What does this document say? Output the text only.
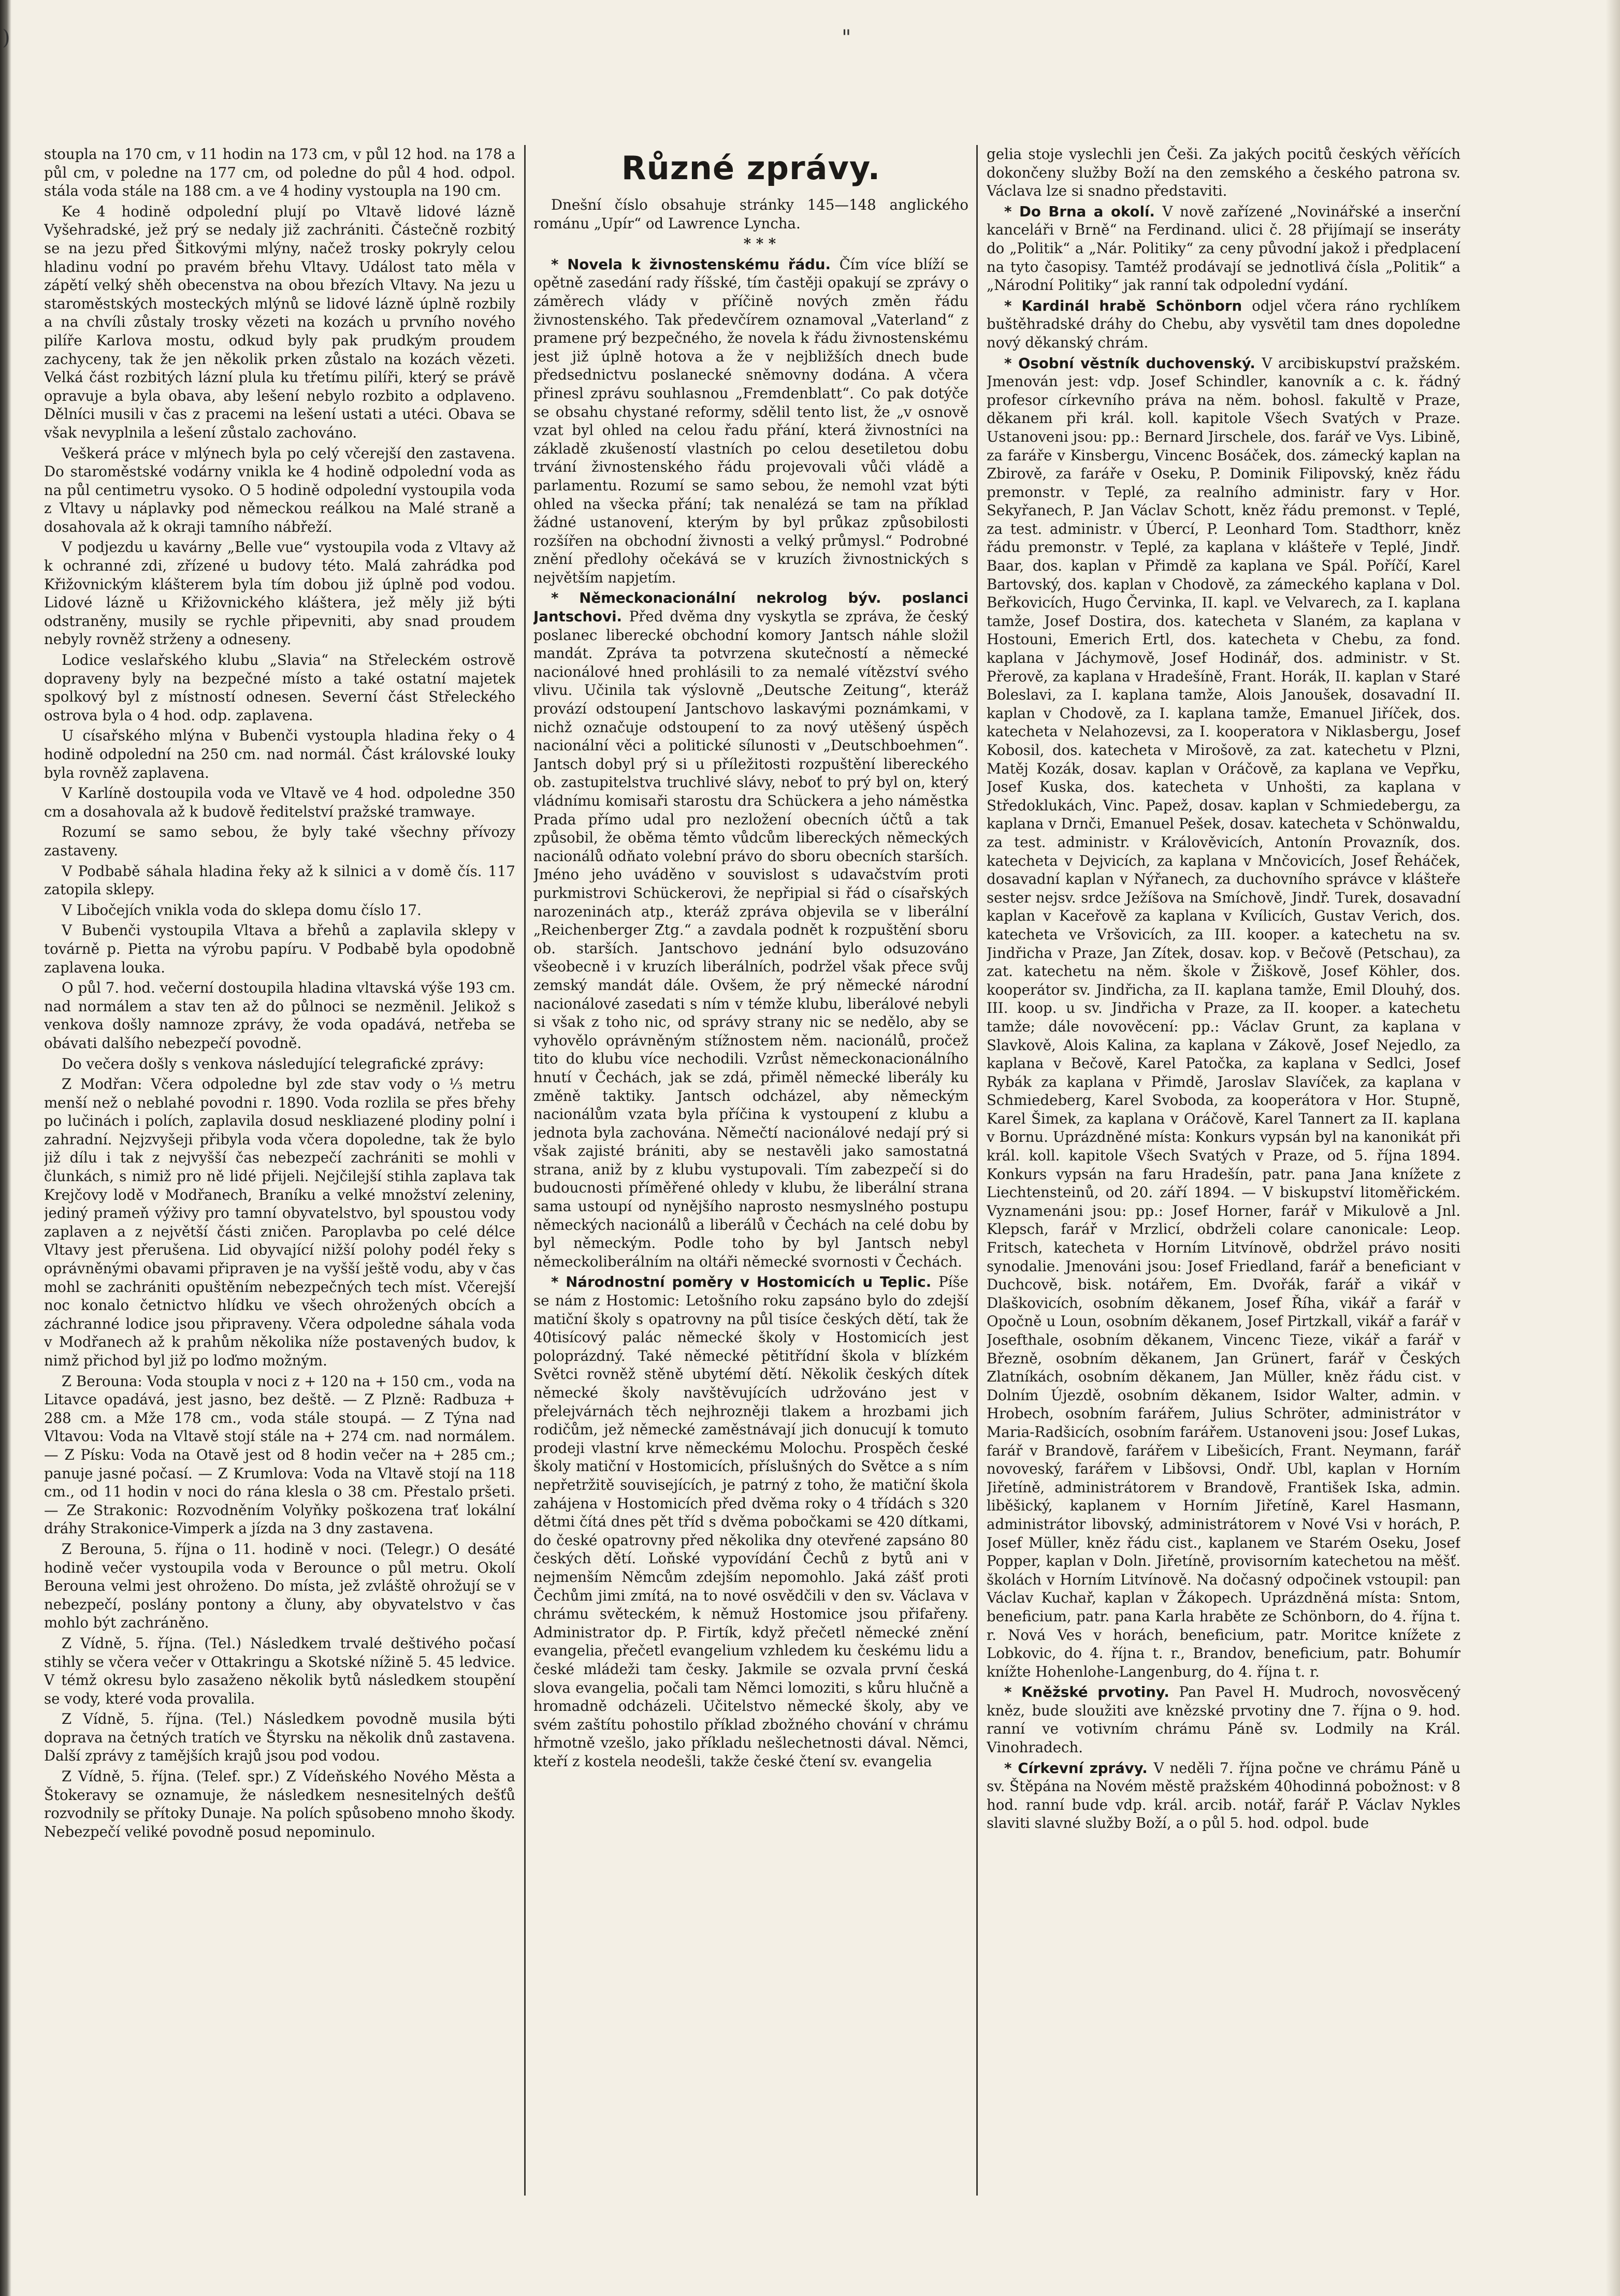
)	"

stoupla na 170 cm, v 11 hodin na 173 cm, v půl 12 hod. na 178 a půl cm, v poledne na 177 cm, od poledne do půl 4 hod. odpol. stála voda stále na 188 cm. a ve 4 hodiny vystoupla na 190 cm.

Ke 4 hodině odpolední plují po Vltavě lidové lázně Vyšehradské, jež prý se nedaly již zachrániti. Částečně rozbitý se na jezu před Šitkovými mlýny, načež trosky pokryly celou hladinu vodní po pravém břehu Vltavy. Událost tato měla v zápětí velký shěh obecenstva na obou březích Vltavy. Na jezu u staroměstských mosteckých mlýnů se lidové lázně úplně rozbily a na chvíli zůstaly trosky vězeti na kozách u prvního nového pilíře Karlova mostu, odkud byly pak prudkým proudem zachyceny, tak že jen několik prken zůstalo na kozách vězeti. Velká část rozbitých lázní plula ku třetímu pilíři, který se právě opravuje a byla obava, aby lešení nebylo rozbito a odplaveno. Dělníci musili v čas z pracemi na lešení ustati a utéci. Obava se však nevyplnila a lešení zůstalo zachováno.

Veškerá práce v mlýnech byla po celý včerejší den zastavena. Do staroměstské vodárny vnikla ke 4 hodině odpolední voda as na půl centimetru vysoko. O 5 hodině odpolední vystoupila voda z Vltavy u náplavky pod německou reálkou na Malé straně a dosahovala až k okraji tamního nábřeží.

V podjezdu u kavárny „Belle vue“ vystoupila voda z Vltavy až k ochranné zdi, zřízené u budovy této. Malá zahrádka pod Křižovnickým klášterem byla tím dobou již úplně pod vodou. Lidové lázně u Křižovnického kláštera, jež měly již býti odstraněny, musily se rychle připevniti, aby snad proudem nebyly rovněž strženy a odneseny.

Lodice veslařského klubu „Slavia“ na Střeleckém ostrově dopraveny byly na bezpečné místo a také ostatní majetek spolkový byl z místností odnesen. Severní část Střeleckého ostrova byla o 4 hod. odp. zaplavena.

U císařského mlýna v Bubenči vystoupla hladina řeky o 4 hodině odpolední na 250 cm. nad normál. Část královské louky byla rovněž zaplavena.

V Karlíně dostoupila voda ve Vltavě ve 4 hod. odpoledne 350 cm a dosahovala až k budově ředitelství pražské tramwaye.

Rozumí se samo sebou, že byly také všechny přívozy zastaveny.

V Podbabě sáhala hladina řeky až k silnici a v domě čís. 117 zatopila sklepy.

V Libočejích vnikla voda do sklepa domu číslo 17.

V Bubenči vystoupila Vltava a břehů a zaplavila sklepy v továrně p. Pietta na výrobu papíru. V Podbabě byla opodobně zaplavena louka.

O půl 7. hod. večerní dostoupila hladina vltavská výše 193 cm. nad normálem a stav ten až do půlnoci se nezměnil. Jelikož s venkova došly namnoze zprávy, že voda opadává, netřeba se obávati dalšího nebezpečí povodně.

Do večera došly s venkova následující telegrafické zprávy:

Z Modřan: Včera odpoledne byl zde stav vody o ⅓ metru menší než o neblahé povodni r. 1890. Voda rozlila se přes břehy po lučinách i polích, zaplavila dosud neskliazené plodiny polní i zahradní. Nejzvyšeji přibyla voda včera dopoledne, tak že bylo již dílu i tak z nejvyšší čas nebezpečí zachrániti se mohli v člunkách, s nimiž pro ně lidé přijeli. Nejčilejší stihla zaplava tak Krejčovy lodě v Modřanech, Braníku a velké množství zeleniny, jediný prameň výživy pro tamní obyvatelstvo, byl spoustou vody zaplaven a z největší části zničen. Paroplavba po celé délce Vltavy jest přerušena. Lid obyvající nižší polohy podél řeky s oprávněnými obavami připraven je na vyšší ještě vodu, aby v čas mohl se zachrániti opuštěním nebezpečných tech míst. Včerejší noc konalo četnictvo hlídku ve všech ohrožených obcích a záchranné lodice jsou připraveny. Včera odpoledne sáhala voda v Modřanech až k prahům několika níže postavených budov, k nimž přichod byl již po loďmo možným.

Z Berouna: Voda stoupla v noci z + 120 na + 150 cm., voda na Litavce opadává, jest jasno, bez deště. — Z Plzně: Radbuza + 288 cm. a Mže 178 cm., voda stále stoupá. — Z Týna nad Vltavou: Voda na Vltavě stojí stále na + 274 cm. nad normálem. — Z Písku: Voda na Otavě jest od 8 hodin večer na + 285 cm.; panuje jasné počasí. — Z Krumlova: Voda na Vltavě stojí na 118 cm., od 11 hodin v noci do rána klesla o 38 cm. Přestalo pršeti. — Ze Strakonic: Rozvodněním Volyňky poškozena trať lokální dráhy Strakonice-Vimperk a jízda na 3 dny zastavena.

Z Berouna, 5. října o 11. hodině v noci. (Telegr.) O desáté hodině večer vystoupila voda v Berounce o půl metru. Okolí Berouna velmi jest ohroženo. Do místa, jež zvláště ohrožují se v nebezpečí, poslány pontony a čluny, aby obyvatelstvo v čas mohlo být zachráněno.

Z Vídně, 5. října. (Tel.) Následkem trvalé deštivého počasí stihly se včera večer v Ottakringu a Skotské nížině 5. 45 ledvice. V témž okresu bylo zasaženo několik bytů následkem stoupění se vody, které voda provalila.

Z Vídně, 5. října. (Tel.) Následkem povodně musila býti doprava na četných tratích ve Štyrsku na několik dnů zastavena. Další zprávy z tamějších krajů jsou pod vodou.

Z Vídně, 5. října. (Telef. spr.) Z Vídeňského Nového Města a Štokeravy se oznamuje, že následkem nesnesitelných dešťů rozvodnily se přítoky Dunaje. Na polích spůsobeno mnoho škody. Nebezpečí veliké povodně posud nepominulo.

Různé zprávy.

Dnešní číslo obsahuje stránky 145—148 anglického románu „Upír“ od Lawrence Lyncha.

* * *

* Novela k živnostenskému řádu. Čím více blíží se opětně zasedání rady říšské, tím častěji opakují se zprávy o záměrech vlády v příčině nových změn řádu živnostenského. Tak předevčírem oznamoval „Vaterland“ z pramene prý bezpečného, že novela k řádu živnostenskému jest již úplně hotova a že v nejbližších dnech bude předsednictvu poslanecké sněmovny dodána. A včera přinesl zprávu souhlasnou „Fremdenblatt“. Co pak dotýče se obsahu chystané reformy, sdělil tento list, že „v osnově vzat byl ohled na celou řadu přání, která živnostníci na základě zkušeností vlastních po celou desetiletou dobu trvání živnostenského řádu projevovali vůči vládě a parlamentu. Rozumí se samo sebou, že nemohl vzat býti ohled na všecka přání; tak nenalézá se tam na příklad žádné ustanovení, kterým by byl průkaz způsobilosti rozšířen na obchodní živnosti a velký průmysl.“ Podrobné znění předlohy očekává se v kruzích živnostnických s největším napjetím.

* Německonacionální nekrolog býv. poslanci Jantschovi. Před dvěma dny vyskytla se zpráva, že český poslanec liberecké obchodní komory Jantsch náhle složil mandát. Zpráva ta potvrzena skutečností a německé nacionálové hned prohlásili to za nemalé vítězství svého vlivu. Učinila tak výslovně „Deutsche Zeitung“, kteráž provází odstoupení Jantschovo laskavými poznámkami, v nichž označuje odstoupení to za nový utěšený úspěch nacionální věci a politické sílunosti v „Deutschboehmen“. Jantsch dobyl prý si u příležitosti rozpuštění libereckého ob. zastupitelstva truchlivé slávy, neboť to prý byl on, který vládnímu komisaři starostu dra Schückera a jeho náměstka Prada přímo udal pro nezložení obecních účtů a tak způsobil, že oběma těmto vůdcům libereckých německých nacionálů odňato volební právo do sboru obecních starších. Jméno jeho uváděno v souvislost s udavačstvím proti purkmistrovi Schückerovi, že nepřipial si řád o císařských narozeninách atp., kteráž zpráva objevila se v liberální „Reichenberger Ztg.“ a zavdala podnět k rozpuštění sboru ob. starších. Jantschovo jednání bylo odsuzováno všeobecně i v kruzích liberálních, podržel však přece svůj zemský mandát dále. Ovšem, že prý německé národní nacionálové zasedati s ním v témže klubu, liberálové nebyli si však z toho nic, od správy strany nic se nedělo, aby se vyhovělo oprávněným stížnostem něm. nacionálů, pročež tito do klubu více nechodili. Vzrůst německonacionálního hnutí v Čechách, jak se zdá, přiměl německé liberály ku změně taktiky. Jantsch odcházel, aby německým nacionálům vzata byla příčina k vystoupení z klubu a jednota byla zachována. Němečtí nacionálové nedají prý si však zajisté brániti, aby se nestavěli jako samostatná strana, aniž by z klubu vystupovali. Tím zabezpečí si do budoucnosti příměřené ohledy v klubu, že liberální strana sama ustoupí od nynějšího naprosto nesmyslného postupu německých nacionálů a liberálů v Čechách na celé dobu by byl německým. Podle toho by byl Jantsch nebyl německoliberálním na oltáři německé svornosti v Čechách.

* Národnostní poměry v Hostomicích u Teplic. Píše se nám z Hostomic: Letošního roku zapsáno bylo do zdejší matiční školy s opatrovny na půl tisíce českých dětí, tak že 40tisícový palác německé školy v Hostomicích jest poloprázdný. Také německé pětitřídní škola v blízkém Světci rovněž stěně ubytémí dětí. Několik českých dítek německé školy navštěvujících udržováno jest v přelejvárnách těch nejhrozněji tlakem a hrozbami jich rodičům, jež německé zaměstnávají jich donucují k tomuto prodeji vlastní krve německému Molochu. Prospěch české školy matiční v Hostomicích, příslušných do Světce a s ním nepřetržitě souvisejících, je patrný z toho, že matiční škola zahájena v Hostomicích před dvěma roky o 4 třídách s 320 dětmi čítá dnes pět tříd s dvěma pobočkami se 420 dítkami, do české opatrovny před několika dny otevřené zapsáno 80 českých dětí. Loňské vypovídání Čechů z bytů ani v nejmenším Němcům zdejším nepomohlo. Jaká zášť proti Čechům jimi zmítá, na to nové osvědčili v den sv. Václava v chrámu světeckém, k němuž Hostomice jsou přifařeny. Administrator dp. P. Firtík, když přečetl německé znění evangelia, přečetl evangelium vzhledem ku českému lidu a české mládeži tam česky. Jakmile se ozvala první česká slova evangelia, počali tam Němci lomoziti, s kůru hlučně a hromadně odcházeli. Učitelstvo německé školy, aby ve svém zaštítu pohostilo příklad zbožného chování v chrámu hřmotně vzešlo, jako příkladu nešlechetnosti dával. Němci, kteří z kostela neodešli, takže české čtení sv. evangelia

gelia stoje vyslechli jen Češi. Za jakých pocitů českých věřících dokončeny služby Boží na den zemského a českého patrona sv. Václava lze si snadno představiti.

* Do Brna a okolí. V nově zařízené „Novinářské a inserční kanceláři v Brně“ na Ferdinand. ulici č. 28 přijímají se inseráty do „Politik“ a „Nár. Politiky“ za ceny původní jakož i předplacení na tyto časopisy. Tamtéž prodávají se jednotlivá čísla „Politik“ a „Národní Politiky“ jak ranní tak odpolední vydání.

* Kardinál hrabě Schönborn odjel včera ráno rychlíkem buštěhradské dráhy do Chebu, aby vysvětil tam dnes dopoledne nový děkanský chrám.

* Osobní věstník duchovenský. V arcibiskupství pražském. Jmenován jest: vdp. Josef Schindler, kanovník a c. k. řádný profesor církevního práva na něm. bohosl. fakultě v Praze, děkanem při král. koll. kapitole Všech Svatých v Praze. Ustanoveni jsou: pp.: Bernard Jirschele, dos. farář ve Vys. Libině, za faráře v Kinsbergu, Vincenc Bosáček, dos. zámecký kaplan na Zbirově, za faráře v Oseku, P. Dominik Filipovský, kněz řádu premonstr. v Teplé, za realního administr. fary v Hor. Sekyřanech, P. Jan Václav Schott, kněz řádu premonst. v Teplé, za test. administr. v Úbercí, P. Leonhard Tom. Stadthorr, kněz řádu premonstr. v Teplé, za kaplana v klášteře v Teplé, Jindř. Baar, dos. kaplan v Přimdě za kaplana ve Spál. Poříčí, Karel Bartovský, dos. kaplan v Chodově, za zámeckého kaplana v Dol. Beřkovicích, Hugo Červinka, II. kapl. ve Velvarech, za I. kaplana tamže, Josef Dostira, dos. katecheta v Slaném, za kaplana v Hostouni, Emerich Ertl, dos. katecheta v Chebu, za fond. kaplana v Jáchymově, Josef Hodinář, dos. administr. v St. Přerově, za kaplana v Hradešíně, Frant. Horák, II. kaplan v Staré Boleslavi, za I. kaplana tamže, Alois Janoušek, dosavadní II. kaplan v Chodově, za I. kaplana tamže, Emanuel Jiříček, dos. katecheta v Nelahozevsi, za I. kooperatora v Niklasbergu, Josef Kobosil, dos. katecheta v Mirošově, za zat. katechetu v Plzni, Matěj Kozák, dosav. kaplan v Oráčově, za kaplana ve Vepřku, Josef Kuska, dos. katecheta v Unhošti, za kaplana v Středoklukách, Vinc. Papež, dosav. kaplan v Schmiedebergu, za kaplana v Drnči, Emanuel Pešek, dosav. katecheta v Schönwaldu, za test. administr. v Králověvicích, Antonín Provazník, dos. katecheta v Dejvicích, za kaplana v Mnčovicích, Josef Řeháček, dosavadní kaplan v Nýřanech, za duchovního správce v klášteře sester nejsv. srdce Ježíšova na Smíchově, Jindř. Turek, dosavadní kaplan v Kaceřově za kaplana v Kvílicích, Gustav Verich, dos. katecheta ve Vršovicích, za III. kooper. a katechetu na sv. Jindřicha v Praze, Jan Zítek, dosav. kop. v Bečově (Petschau), za zat. katechetu na něm. škole v Žiškově, Josef Köhler, dos. kooperátor sv. Jindřicha, za II. kaplana tamže, Emil Dlouhý, dos. III. koop. u sv. Jindřicha v Praze, za II. kooper. a katechetu tamže; dále novověcení: pp.: Václav Grunt, za kaplana v Slavkově, Alois Kalina, za kaplana v Zákově, Josef Nejedlo, za kaplana v Bečově, Karel Patočka, za kaplana v Sedlci, Josef Rybák za kaplana v Přimdě, Jaroslav Slavíček, za kaplana v Schmiedeberg, Karel Svoboda, za kooperátora v Hor. Stupně, Karel Šimek, za kaplana v Oráčově, Karel Tannert za II. kaplana v Bornu. Uprázdněné místa: Konkurs vypsán byl na kanonikát při král. koll. kapitole Všech Svatých v Praze, od 5. října 1894. Konkurs vypsán na faru Hradešín, patr. pana Jana knížete z Liechtensteinů, od 20. září 1894. — V biskupství litoměřickém. Vyznamenáni jsou: pp.: Josef Horner, farář v Mikulově a Jnl. Klepsch, farář v Mrzlicí, obdrželi colare canonicale: Leop. Fritsch, katecheta v Horním Litvínově, obdržel právo nositi synodalie. Jmenováni jsou: Josef Friedland, farář a beneficiant v Duchcově, bisk. notářem, Em. Dvořák, farář a vikář v Dlaškovicích, osobním děkanem, Josef Říha, vikář a farář v Opočně u Loun, osobním děkanem, Josef Pirtzkall, vikář a farář v Josefthale, osobním děkanem, Vincenc Tieze, vikář a farář v Březně, osobním děkanem, Jan Grünert, farář v Českých Zlatníkách, osobním děkanem, Jan Müller, kněz řádu cist. v Dolním Újezdě, osobním děkanem, Isidor Walter, admin. v Hrobech, osobním farářem, Julius Schröter, administrátor v Maria-Radšicích, osobním farářem. Ustanoveni jsou: Josef Lukas, farář v Brandově, farářem v Libešicích, Frant. Neymann, farář novoveský, farářem v Libšovsi, Ondř. Ubl, kaplan v Horním Jiřetíně, administrátorem v Brandově, František Iska, admin. liběšický, kaplanem v Horním Jiřetíně, Karel Hasmann, administrátor libovský, administrátorem v Nové Vsi v horách, P. Josef Müller, kněz řádu cist., kaplanem ve Starém Oseku, Josef Popper, kaplan v Doln. Jiřetíně, provisorním katechetou na měšť. školách v Horním Litvínově. Na dočasný odpočinek vstoupil: pan Václav Kuchař, kaplan v Žákopech. Uprázdněná místa: Sntom, beneficium, patr. pana Karla hraběte ze Schönborn, do 4. října t. r. Nová Ves v horách, beneficium, patr. Moritce knížete z Lobkovic, do 4. října t. r., Brandov, beneficium, patr. Bohumír knížte Hohenlohe-Langenburg, do 4. října t. r.

* Kněžské prvotiny. Pan Pavel H. Mudroch, novosvěcený kněz, bude sloužiti ave knězské prvotiny dne 7. října o 9. hod. ranní ve votivním chrámu Páně sv. Lodmily na Král. Vinohradech.

* Církevní zprávy. V neděli 7. října počne ve chrámu Páně u sv. Štěpána na Novém městě pražském 40hodinná pobožnost: v 8 hod. ranní bude vdp. král. arcib. notář, farář P. Václav Nykles slaviti slavné služby Boží, a o půl 5. hod. odpol. bude
